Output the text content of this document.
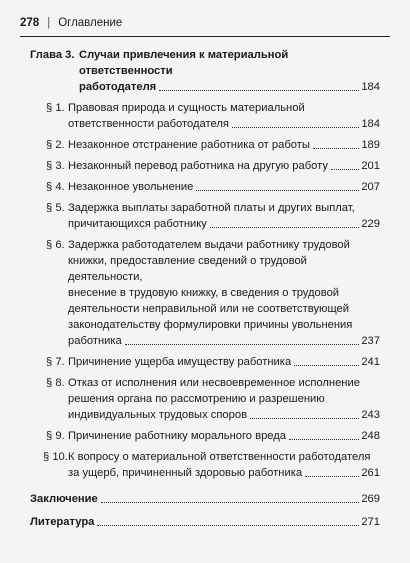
278 | Оглавление
Глава 3. Случаи привлечения к материальной ответственности
работодателя	184
§ 1. Правовая природа и сущность материальной
ответственности работодателя	184
§ 2. Незаконное отстранение работника от работы	189
§ 3. Незаконный перевод работника на другую работу	201
§ 4. Незаконное увольнение	207
§ 5. Задержка выплаты заработной платы и других выплат,
причитающихся работнику	229
§ 6. Задержка работодателем выдачи работнику трудовой
книжки, предоставление сведений о трудовой деятельности,
внесение в трудовую книжку, в сведения о трудовой
деятельности неправильной или не соответствующей
законодательству формулировки причины увольнения
работника	237
§ 7. Причинение ущерба имуществу работника	241
§ 8. Отказ от исполнения или несвоевременное исполнение
решения органа по рассмотрению и разрешению
индивидуальных трудовых споров	243
§ 9. Причинение работнику морального вреда	248
§ 10. К вопросу о материальной ответственности работодателя
за ущерб, причиненный здоровью работника	261
Заключение	269
Литература	271
